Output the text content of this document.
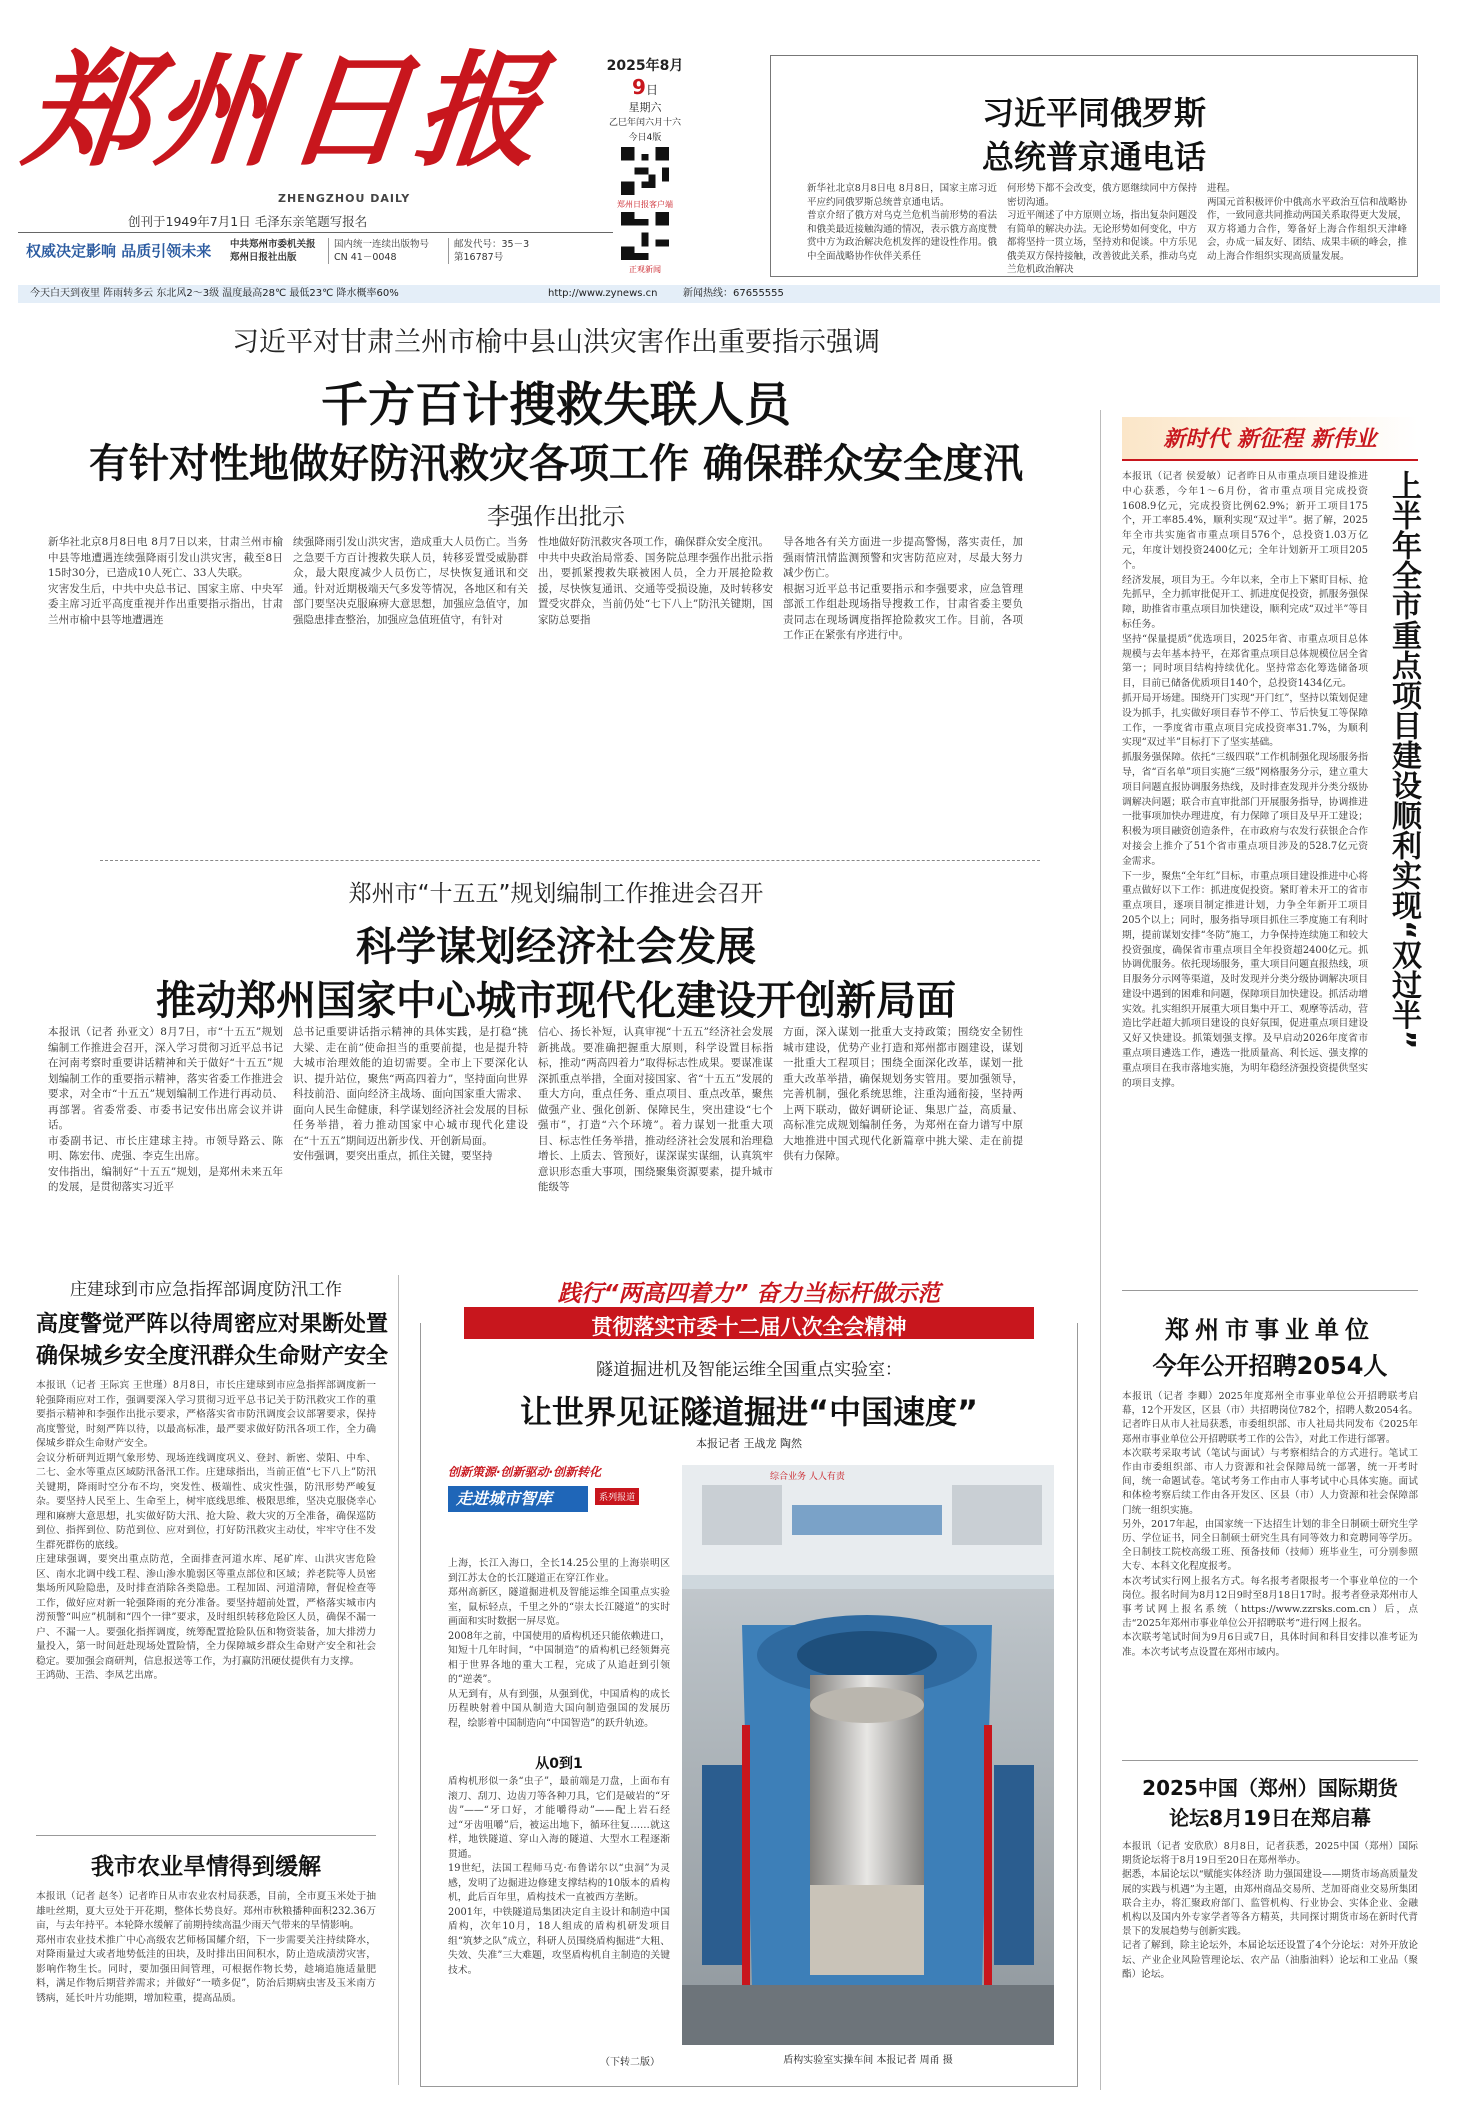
郑州日报
ZHENGZHOU DAILY
创刊于1949年7月1日 毛泽东亲笔题写报名
权威决定影响 品质引领未来 中共郑州市委机关报
郑州日报社出版
国内统一连续出版物号
CN 41－0048
邮发代号：35－3
第16787号
2025年8月
9日
星期六
乙巳年闰六月十六
今日4版
郑州日报客户端
正观新闻
今天白天到夜里 阵雨转多云 东北风2～3级 温度最高28℃ 最低23℃ 降水概率60%	http://www.zynews.cn	新闻热线：67655555
习近平同俄罗斯
总统普京通电话
新华社北京8月8日电 8月8日，国家主席习近平应约同俄罗斯总统普京通电话。
普京介绍了俄方对乌克兰危机当前形势的看法和俄美最近接触沟通的情况，表示俄方高度赞赏中方为政治解决危机发挥的建设性作用。俄中全面战略协作伙伴关系任
何形势下都不会改变，俄方愿继续同中方保持密切沟通。
习近平阐述了中方原则立场，指出复杂问题没有简单的解决办法。无论形势如何变化，中方都将坚持一贯立场，坚持劝和促谈。中方乐见俄美双方保持接触，改善彼此关系，推动乌克兰危机政治解决
进程。
两国元首积极评价中俄高水平政治互信和战略协作，一致同意共同推动两国关系取得更大发展，双方将通力合作，筹备好上海合作组织天津峰会，办成一届友好、团结、成果丰硕的峰会，推动上海合作组织实现高质量发展。
习近平对甘肃兰州市榆中县山洪灾害作出重要指示强调
千方百计搜救失联人员
有针对性地做好防汛救灾各项工作 确保群众安全度汛
李强作出批示
新华社北京8月8日电 8月7日以来，甘肃兰州市榆中县等地遭遇连续强降雨引发山洪灾害，截至8日15时30分，已造成10人死亡、33人失联。
灾害发生后，中共中央总书记、国家主席、中央军委主席习近平高度重视并作出重要指示指出，甘肃兰州市榆中县等地遭遇连
续强降雨引发山洪灾害，造成重大人员伤亡。当务之急要千方百计搜救失联人员，转移妥置受威胁群众，最大限度减少人员伤亡，尽快恢复通讯和交通。针对近期极端天气多发等情况，各地区和有关部门要坚决克服麻痹大意思想，加强应急值守，加强隐患排查整治，加强应急值班值守，有针对
性地做好防汛救灾各项工作，确保群众安全度汛。
中共中央政治局常委、国务院总理李强作出批示指出，要抓紧搜救失联被困人员，全力开展抢险救援，尽快恢复通讯、交通等受损设施，及时转移安置受灾群众，当前仍处“七下八上”防汛关键期，国家防总要指
导各地各有关方面进一步提高警惕，落实责任，加强雨情汛情监测预警和灾害防范应对，尽最大努力减少伤亡。
根据习近平总书记重要指示和李强要求，应急管理部派工作组赴现场指导搜救工作，甘肃省委主要负责同志在现场调度指挥抢险救灾工作。目前，各项工作正在紧张有序进行中。
郑州市“十五五”规划编制工作推进会召开
科学谋划经济社会发展
推动郑州国家中心城市现代化建设开创新局面
本报讯（记者 孙亚文）8月7日，市“十五五”规划编制工作推进会召开，深入学习贯彻习近平总书记在河南考察时重要讲话精神和关于做好“十五五”规划编制工作的重要指示精神，落实省委工作推进会要求，对全市“十五五”规划编制工作进行再动员、再部署。省委常委、市委书记安伟出席会议并讲话。
市委副书记、市长庄建球主持。市领导路云、陈明、陈宏伟、虎强、李克生出席。
安伟指出，编制好“十五五”规划，是郑州未来五年的发展，是贯彻落实习近平
总书记重要讲话指示精神的具体实践，是打稳“挑大梁、走在前”使命担当的重要前提，也是提升特大城市治理效能的迫切需要。全市上下要深化认识、提升站位，聚焦“两高四着力”，坚持面向世界科技前沿、面向经济主战场、面向国家重大需求、面向人民生命健康，科学谋划经济社会发展的目标任务举措，着力推动国家中心城市现代化建设在“十五五”期间迈出新步伐、开创新局面。
安伟强调，要突出重点，抓住关键，要坚持
信心、扬长补短，认真审视“十五五”经济社会发展新挑战。要准确把握重大原则，科学设置目标指标，推动“两高四着力”取得标志性成果。要谋准谋深抓重点举措，全面对接国家、省“十五五”发展的重大方向，重点任务、重点项目、重点改革，聚焦做强产业、强化创新、保障民生，突出建设“七个强市”，打造“六个环境”。着力谋划一批重大项目、标志性任务举措，推动经济社会发展和治理稳增长、上质去、管预好，谋深谋实谋细，认真筑牢意识形态重大事项，围绕聚集资源要素，提升城市能级等
方面，深入谋划一批重大支持政策；围绕安全韧性城市建设，优势产业打造和郑州都市圈建设，谋划一批重大工程项目；围绕全面深化改革，谋划一批重大改革举措，确保规划务实管用。要加强领导，完善机制，强化系统思维，注重沟通衔接，坚持两上两下联动，做好调研论证、集思广益，高质量、高标准完成规划编制任务，为郑州在奋力谱写中原大地推进中国式现代化新篇章中挑大梁、走在前提供有力保障。
庄建球到市应急指挥部调度防汛工作
高度警觉严阵以待周密应对果断处置
确保城乡安全度汛群众生命财产安全
本报讯（记者 王际宾 王世瑾）8月8日，市长庄建球到市应急指挥部调度新一轮强降雨应对工作，强调要深入学习贯彻习近平总书记关于防汛救灾工作的重要指示精神和李强作出批示要求，严格落实省市防汛调度会议部署要求，保持高度警觉，时刻严阵以待，以最高标准，最严要求做好防汛各项工作，全力确保城乡群众生命财产安全。
会议分析研判近期气象形势、现场连线调度巩义、登封、新密、荥阳、中牟、二七、金水等重点区域防汛备汛工作。庄建球指出，当前正值“七下八上”防汛关键期，降雨时空分布不均，突发性、极端性、成灾性强，防汛形势严峻复杂。要坚持人民至上、生命至上，树牢底线思维、极限思维，坚决克服侥幸心理和麻痹大意思想，扎实做好防大汛、抢大险、救大灾的万全准备，确保巡防到位、指挥到位、防范到位、应对到位，打好防汛救灾主动仗，牢牢守住不发生群死群伤的底线。
庄建球强调，要突出重点防范，全面排查河道水库、尾矿库、山洪灾害危险区、南水北调中线工程、渗山渗水脆弱区等重点部位和区域；养老院等人员密集场所风险隐患，及时排查消除各类隐患。工程加固、河道清障，督促检查等工作，做好应对新一轮强降雨的充分准备。要坚持超前处置，严格落实城市内涝预警“叫应”机制和“四个一律”要求，及时组织转移危险区人员，确保不漏一户、不漏一人。要强化指挥调度，统筹配置抢险队伍和物资装备，加大排涝力量投入，第一时间赶赴现场处置险情，全力保障城乡群众生命财产安全和社会稳定。要加强会商研判，信息报送等工作，为打赢防汛硬仗提供有力支撑。
王鸿勋、王浩、李凤艺出席。
我市农业旱情得到缓解
本报讯（记者 赵冬）记者昨日从市农业农村局获悉，目前，全市夏玉米处于抽雄吐丝期，夏大豆处于开花期，整体长势良好。郑州市秋粮播种面积232.36万亩，与去年持平。本轮降水缓解了前期持续高温少雨天气带来的旱情影响。
郑州市农业技术推广中心高级农艺师杨国耀介绍，下一步需要关注持续降水，对降雨量过大或者地势低洼的田块，及时排出田间积水，防止造成渍涝灾害，影响作物生长。同时，要加强田间管理，可根据作物长势，趁墒追施适量肥料，满足作物后期营养需求；并做好“一喷多促”，防治后期病虫害及玉米南方锈病，延长叶片功能期，增加粒重，提高品质。
新时代 新征程 新伟业
本报讯（记者 侯爱敏）记者昨日从市重点项目建设推进中心获悉，今年1～6月份，省市重点项目完成投资1608.9亿元，完成投资比例62.9%；新开工项目175个，开工率85.4%，顺利实现“双过半”。据了解，2025年全市共实施省市重点项目576个，总投资1.03万亿元，年度计划投资2400亿元；全年计划新开工项目205个。
经济发展，项目为王。今年以来，全市上下紧盯目标、抢先抓早，全力抓审批促开工、抓进度促投资，抓服务强保障，助推省市重点项目加快建设，顺利完成“双过半”等目标任务。
坚持“保量提质”优选项目，2025年省、市重点项目总体规模与去年基本持平，在郑省重点项目总体规模位居全省第一；同时项目结构持续优化。坚持常态化筹选储备项目，目前已储备优质项目140个，总投资1434亿元。
抓开局开场建。围绕开门实现“开门红”，坚持以策划促建设为抓手，扎实做好项目春节不停工、节后快复工等保障工作，一季度省市重点项目完成投资率31.7%，为顺利实现“双过半”目标打下了坚实基础。
抓服务强保障。依托“三级四联”工作机制强化现场服务指导，省“百名单”项目实施“三级”网格服务分示，建立重大项目问题直报协调服务热线，及时排查发现并分类分级协调解决问题；联合市直审批部门开展服务指导，协调推进一批事项加快办理进度，有力保障了项目及早开工建设；积极为项目融资创造条件，在市政府与农发行获银企合作对接会上推介了51个省市重点项目涉及的528.7亿元资金需求。
下一步，聚焦“全年红”目标，市重点项目建设推进中心将重点做好以下工作：抓进度促投资。紧盯着未开工的省市重点项目，逐项目制定推进计划，力争全年新开工项目205个以上；同时，服务指导项目抓住三季度施工有利时期，提前谋划安排“冬防”施工，力争保持连续施工和较大投资强度，确保省市重点项目全年投资超2400亿元。抓协调优服务。依托现场服务，重大项目问题直报热线，项目服务分示网等渠道，及时发现并分类分级协调解决项目建设中遇到的困难和问题，保障项目加快建设。抓活动增实效。扎实组织开展重大项目集中开工、观摩等活动，营造比学赶超大抓项目建设的良好氛围，促进重点项目建设又好又快建设。抓策划强支撑。及早启动2026年度省市重点项目遴选工作，遴选一批质量高、利长远、强支撑的重点项目在我市落地实施，为明年稳经济强投资提供坚实的项目支撑。
上半年全市重点项目建设顺利实现“双过半”
践行“两高四着力” 奋力当标杆做示范
贯彻落实市委十二届八次全会精神
隧道掘进机及智能运维全国重点实验室：
让世界见证隧道掘进“中国速度”
本报记者 王战龙 陶然
创新策源·创新驱动·创新转化
走进城市智库	系列报道
上海，长江入海口，全长14.25公里的上海崇明区到江苏太仓的长江隧道正在穿江作业。
郑州高新区，隧道掘进机及智能运维全国重点实验室，鼠标轻点，千里之外的“崇太长江隧道”的实时画面和实时数据一屏尽览。
2008年之前，中国使用的盾构机还只能依赖进口，知短十几年时间，“中国制造”的盾构机已经领舞亮相于世界各地的重大工程，完成了从追赶到引领的“逆袭”。
从无到有，从有到强，从强到优，中国盾构的成长历程映射着中国从制造大国向制造强国的发展历程，绘影着中国制造向“中国智造”的跃升轨迹。
从0到1
盾构机形似一条“虫子”，最前端是刀盘，上面布有滚刀、刮刀、边齿刀等各种刀具，它们是破岩的“牙齿”——“牙口好，才能嚼得动”——配上岩石经过“牙齿咀嚼”后，被运出地下，循环往复……就这样，地铁隧道、穿山入海的隧道、大型水工程逐渐贯通。
19世纪，法国工程师马克·布鲁诺尔以“虫洞”为灵感，发明了边掘进边修建支撑结构的10版本的盾构机，此后百年里，盾构技术一直被西方垄断。
2001年，中铁隧道局集团决定自主设计和制造中国盾构，次年10月，18人组成的盾构机研发项目组“筑梦之队”成立，科研人员围绕盾构掘进“大粗、失效、失准”三大难题，攻坚盾构机自主制造的关键技术。
（下转二版）
综合业务 人人有责
盾构实验室实操车间 本报记者 周甬 摄
郑州市事业单位
今年公开招聘2054人
本报讯（记者 李卿）2025年度郑州全市事业单位公开招聘联考启幕，12个开发区，区县（市）共招聘岗位782个，招聘人数2054名。记者昨日从市人社局获悉，市委组织部、市人社局共同发布《2025年郑州市事业单位公开招聘联考工作的公告》，对此工作进行部署。
本次联考采取考试（笔试与面试）与考察相结合的方式进行。笔试工作由市委组织部、市人力资源和社会保障局统一部署，统一开考时间，统一命题试卷。笔试考务工作由市人事考试中心具体实施。面试和体检考察后续工作由各开发区、区县（市）人力资源和社会保障部门统一组织实施。
另外，2017年起，由国家统一下达招生计划的非全日制硕士研究生学历、学位证书，同全日制硕士研究生具有同等效力和竞聘同等学历。全日制技工院校高级工班、预备技师（技师）班毕业生，可分别参照大专、本科文化程度报考。
本次考试实行网上报名方式。每名报考者限报考一个事业单位的一个岗位。报名时间为8月12日9时至8月18日17时。报考者登录郑州市人事考试网上报名系统（https://www.zzrsks.com.cn）后，点击“2025年郑州市事业单位公开招聘联考”进行网上报名。
本次联考笔试时间为9月6日或7日，具体时间和科目安排以准考证为准。本次考试考点设置在郑州市域内。
2025中国（郑州）国际期货
论坛8月19日在郑启幕
本报讯（记者 安欣欣）8月8日，记者获悉，2025中国（郑州）国际期货论坛将于8月19日至20日在郑州举办。
据悉，本届论坛以“赋能实体经济 助力强国建设——期货市场高质量发展的实践与机遇”为主题，由郑州商品交易所、芝加哥商业交易所集团联合主办，将汇聚政府部门、监管机构、行业协会、实体企业、金融机构以及国内外专家学者等各方精英，共同探讨期货市场在新时代背景下的发展趋势与创新实践。
记者了解到，除主论坛外，本届论坛还设置了4个分论坛：对外开放论坛、产业企业风险管理论坛、农产品（油脂油料）论坛和工业品（聚酯）论坛。
